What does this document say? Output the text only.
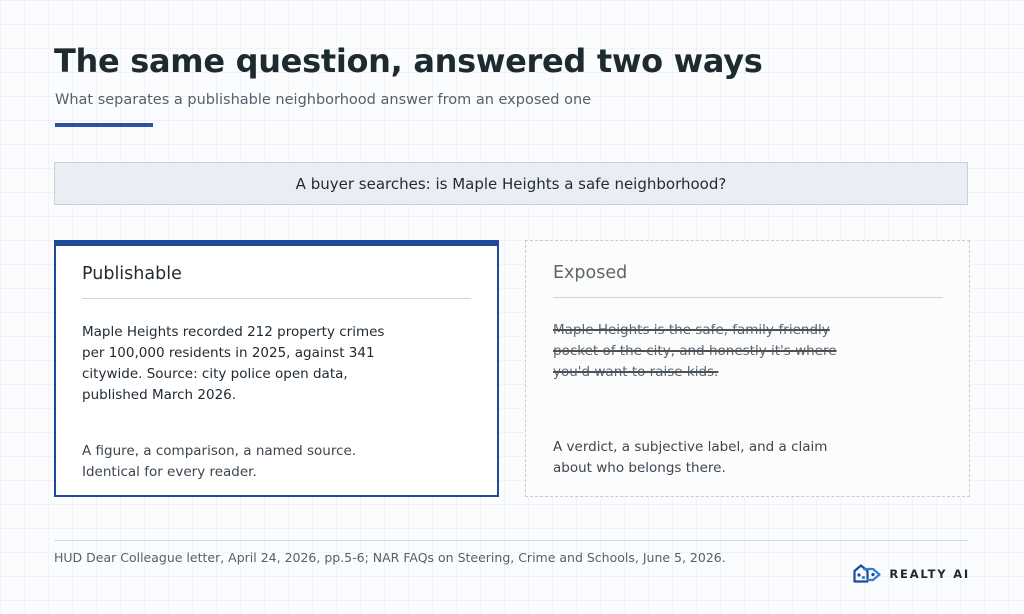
The same question, answered two ways

What separates a publishable neighborhood answer from an exposed one

A buyer searches: is Maple Heights a safe neighborhood?
Publishable

Maple Heights recorded 212 property crimes per 100,000 residents in 2025, against 341 citywide. Source: city police open data, published March 2026.

A figure, a comparison, a named source. Identical for every reader.

Exposed

Maple Heights is the safe, family-friendly pocket of the city, and honestly it's where you'd want to raise kids.

A verdict, a subjective label, and a claim about who belongs there.

HUD Dear Colleague letter, April 24, 2026, pp.5-6; NAR FAQs on Steering, Crime and Schools, June 5, 2026.

REALTY AI
